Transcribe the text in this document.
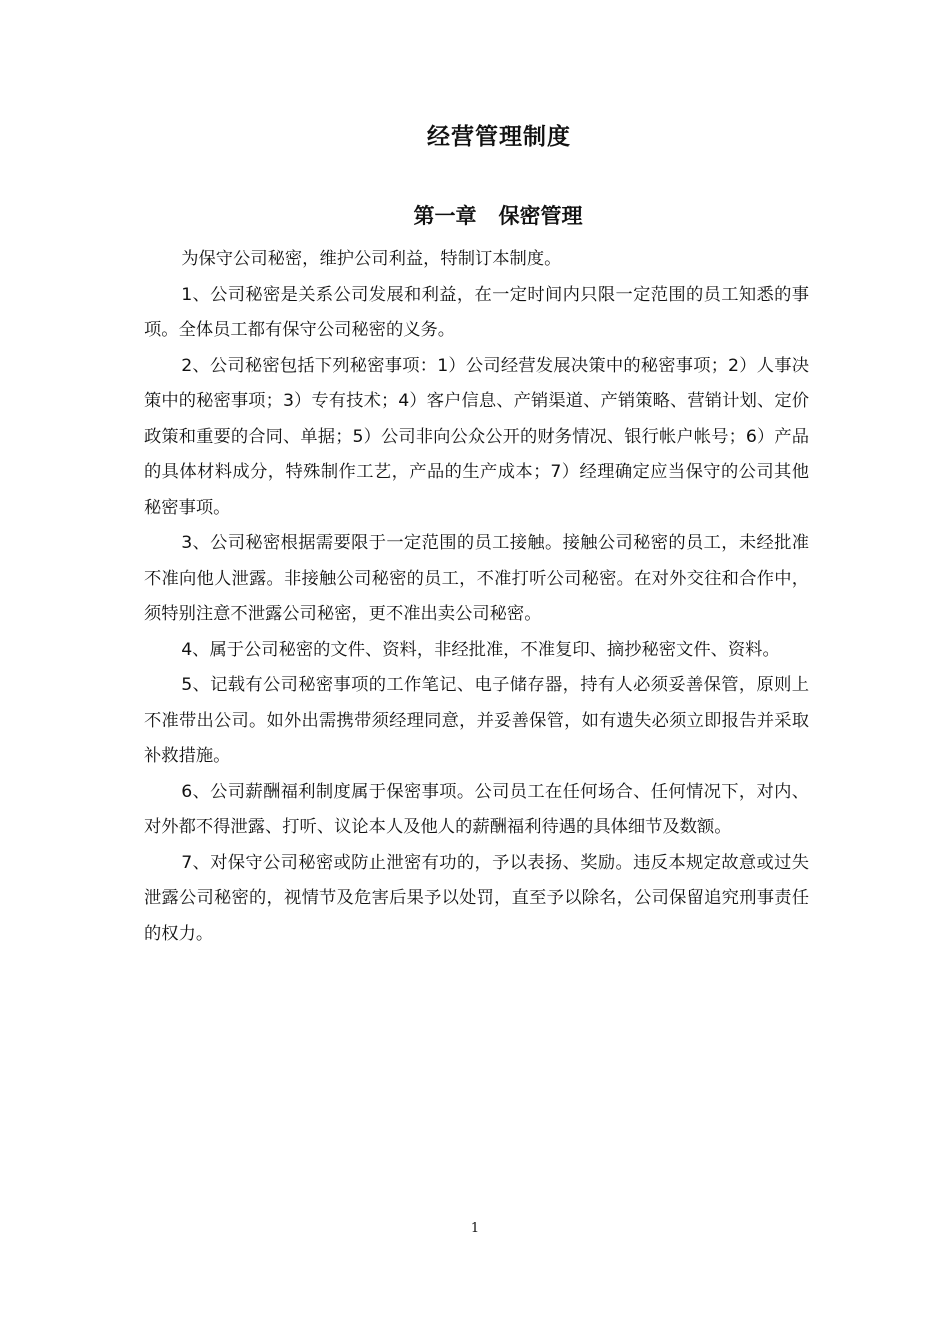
经营管理制度
第一章   保密管理

为保守公司秘密，维护公司利益，特制订本制度。

1、公司秘密是关系公司发展和利益，在一定时间内只限一定范围的员工知悉的事项。全体员工都有保守公司秘密的义务。

2、公司秘密包括下列秘密事项：1）公司经营发展决策中的秘密事项；2）人事决策中的秘密事项；3）专有技术；4）客户信息、产销渠道、产销策略、营销计划、定价政策和重要的合同、单据；5）公司非向公众公开的财务情况、银行帐户帐号；6）产品的具体材料成分，特殊制作工艺，产品的生产成本；7）经理确定应当保守的公司其他秘密事项。

3、公司秘密根据需要限于一定范围的员工接触。接触公司秘密的员工，未经批准不准向他人泄露。非接触公司秘密的员工，不准打听公司秘密。在对外交往和合作中，须特别注意不泄露公司秘密，更不准出卖公司秘密。

4、属于公司秘密的文件、资料，非经批准，不准复印、摘抄秘密文件、资料。

5、记载有公司秘密事项的工作笔记、电子储存器，持有人必须妥善保管，原则上不准带出公司。如外出需携带须经理同意，并妥善保管，如有遗失必须立即报告并采取补救措施。

6、公司薪酬福利制度属于保密事项。公司员工在任何场合、任何情况下，对内、对外都不得泄露、打听、议论本人及他人的薪酬福利待遇的具体细节及数额。

7、对保守公司秘密或防止泄密有功的，予以表扬、奖励。违反本规定故意或过失泄露公司秘密的，视情节及危害后果予以处罚，直至予以除名，公司保留追究刑事责任的权力。

1
